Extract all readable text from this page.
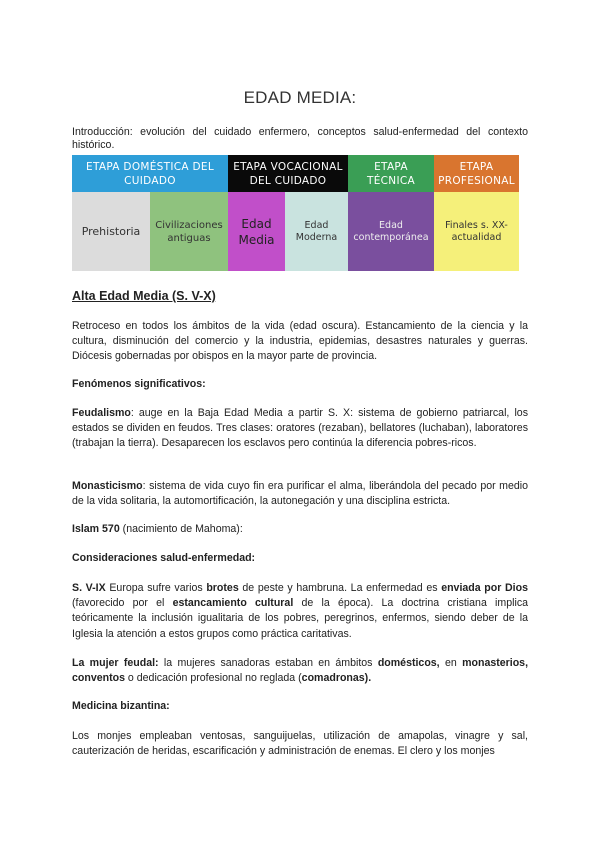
EDAD MEDIA:
Introducción: evolución del cuidado enfermero, conceptos salud-enfermedad del contexto histórico.
ETAPA DOMÉSTICA DEL CUIDADO
ETAPA VOCACIONAL DEL CUIDADO
ETAPA TÉCNICA
ETAPA PROFESIONAL
Prehistoria	Civilizaciones antiguas
Edad Media
Edad Moderna
Edad contemporánea
Finales s. XX- actualidad
Alta Edad Media (S. V-X)

Retroceso en todos los ámbitos de la vida (edad oscura). Estancamiento de la ciencia y la cultura, disminución del comercio y la industria, epidemias, desastres naturales y guerras. Diócesis gobernadas por obispos en la mayor parte de provincia.

Fenómenos significativos:

Feudalismo: auge en la Baja Edad Media a partir S. X: sistema de gobierno patriarcal, los estados se dividen en feudos. Tres clases: oratores (rezaban), bellatores (luchaban), laboratores (trabajan la tierra). Desaparecen los esclavos pero continúa la diferencia pobres-ricos.

Monasticismo: sistema de vida cuyo fin era purificar el alma, liberándola del pecado por medio de la vida solitaria, la automortificación, la autonegación y una disciplina estricta.

Islam 570 (nacimiento de Mahoma):

Consideraciones salud-enfermedad:

S. V-IX Europa sufre varios brotes de peste y hambruna. La enfermedad es enviada por Dios (favorecido por el estancamiento cultural de la época). La doctrina cristiana implica teóricamente la inclusión igualitaria de los pobres, peregrinos, enfermos, siendo deber de la Iglesia la atención a estos grupos como práctica caritativas.

La mujer feudal: la mujeres sanadoras estaban en ámbitos domésticos, en monasterios, conventos o dedicación profesional no reglada (comadronas).

Medicina bizantina:

Los monjes empleaban ventosas, sanguijuelas, utilización de amapolas, vinagre y sal, cauterización de heridas, escarificación y administración de enemas. El clero y los monjes
